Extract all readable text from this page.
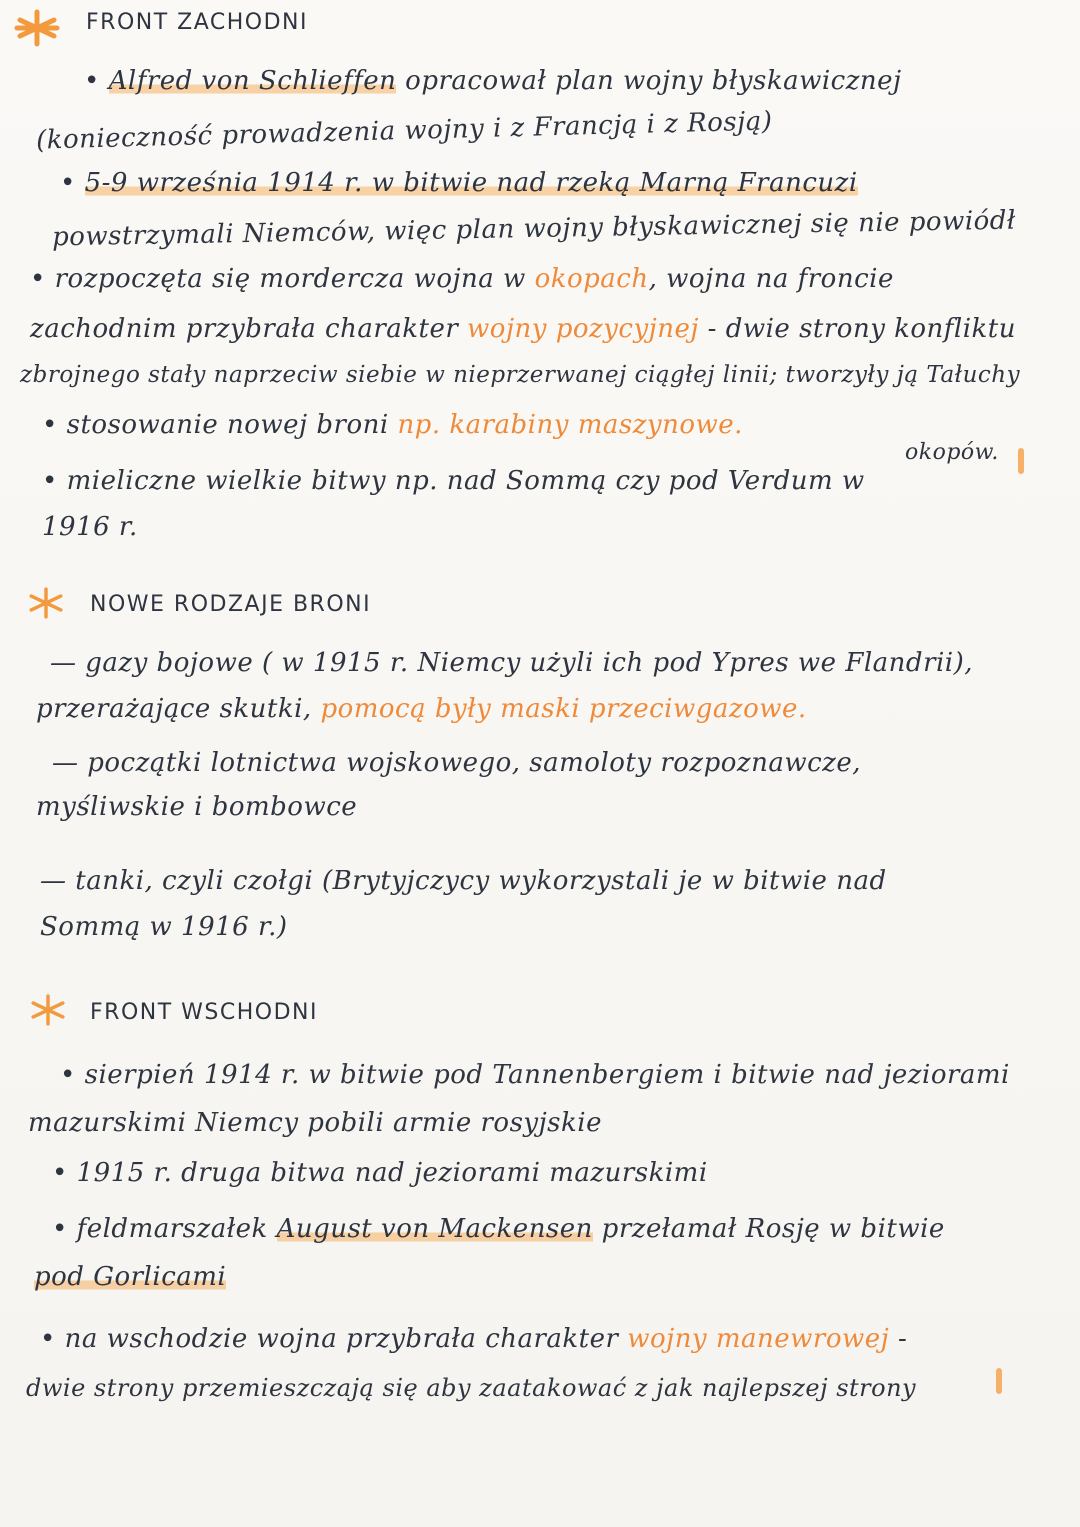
FRONT ZACHODNI
• Alfred von Schlieffen opracował plan wojny błyskawicznej
(konieczność prowadzenia wojny i z Francją i z Rosją)
• 5-9 września 1914 r. w bitwie nad rzeką Marną Francuzi
powstrzymali Niemców, więc plan wojny błyskawicznej się nie powiódł
• rozpoczęta się mordercza wojna w okopach, wojna na froncie
zachodnim przybrała charakter wojny pozycyjnej - dwie strony konfliktu
zbrojnego stały naprzeciw siebie w nieprzerwanej ciągłej linii; tworzyły ją Tałuchy
• stosowanie nowej broni np. karabiny maszynowe.
okopów.
• mieliczne wielkie bitwy np. nad Sommą czy pod Verdum w
1916 r.
NOWE RODZAJE BRONI
— gazy bojowe ( w 1915 r. Niemcy użyli ich pod Ypres we Flandrii),
przerażające skutki, pomocą były maski przeciwgazowe.
— początki lotnictwa wojskowego, samoloty rozpoznawcze,
myśliwskie i bombowce
— tanki, czyli czołgi (Brytyjczycy wykorzystali je w bitwie nad
Sommą w 1916 r.)
FRONT WSCHODNI
• sierpień 1914 r. w bitwie pod Tannenbergiem i bitwie nad jeziorami
mazurskimi Niemcy pobili armie rosyjskie
• 1915 r. druga bitwa nad jeziorami mazurskimi
• feldmarszałek August von Mackensen przełamał Rosję w bitwie
pod Gorlicami
• na wschodzie wojna przybrała charakter wojny manewrowej -
dwie strony przemieszczają się aby zaatakować z jak najlepszej strony
